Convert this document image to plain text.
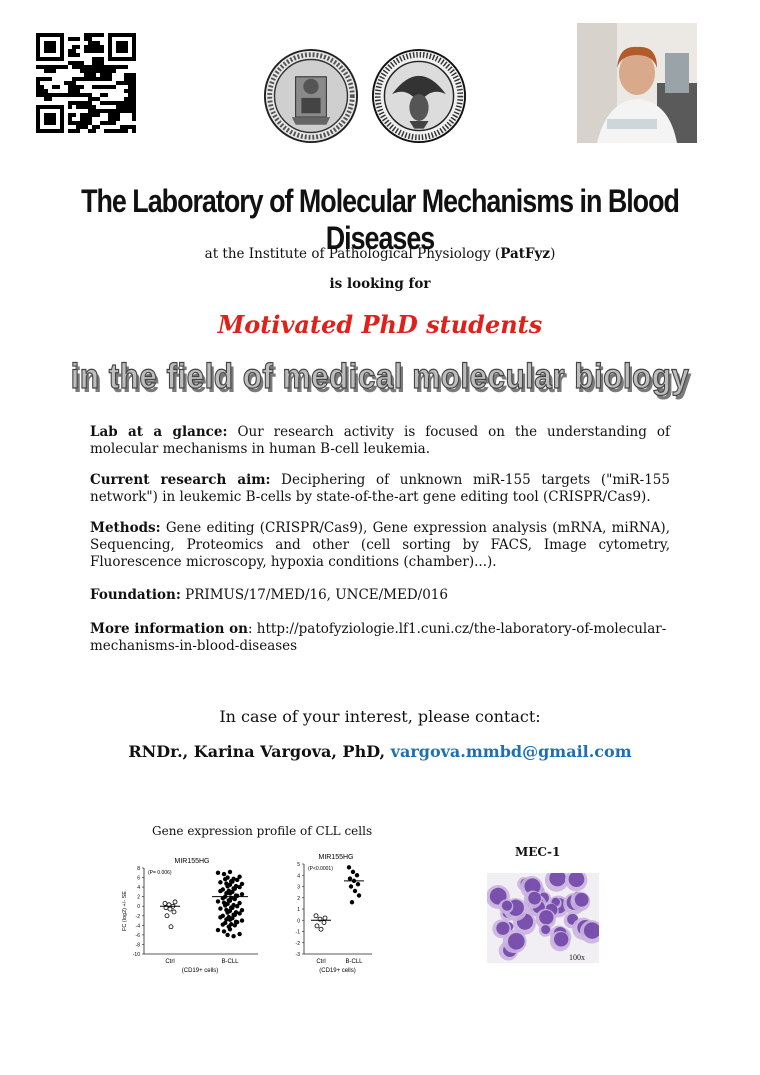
The Laboratory of Molecular Mechanisms in Blood Diseases
at the Institute of Pathological Physiology (PatFyz)
is looking for
Motivated PhD students
in the field of medical molecular biology
Lab at a glance: Our research activity is focused on the understanding of molecular mechanisms in human B-cell leukemia.
Current research aim: Deciphering of unknown miR-155 targets ("miR-155 network") in leukemic B-cells by state-of-the-art gene editing tool (CRISPR/Cas9).
Methods: Gene editing (CRISPR/Cas9), Gene expression analysis (mRNA, miRNA), Sequencing, Proteomics and other (cell sorting by FACS, Image cytometry, Fluorescence microscopy, hypoxia conditions (chamber)...).
Foundation: PRIMUS/17/MED/16, UNCE/MED/016
More information on: http://patofyziologie.lf1.cuni.cz/the-laboratory-of-molecular-mechanisms-in-blood-diseases
In case of your interest, please contact:
RNDr., Karina Vargova, PhD, vargova.mmbd@gmail.com
Gene expression profile of CLL cells
MEC-1
MIR155HG
(P= 0.006)
8
6
4
2
0
-2
-4
-6
-8
-10
FC (log2) +/- SE
Ctrl	B-CLL
(CD19+ cells)
MIR155HG
(P<0.0001)
5
4
3
2
1
0
-1
-2
-3
Ctrl	B-CLL
(CD19+ cells)
100x
